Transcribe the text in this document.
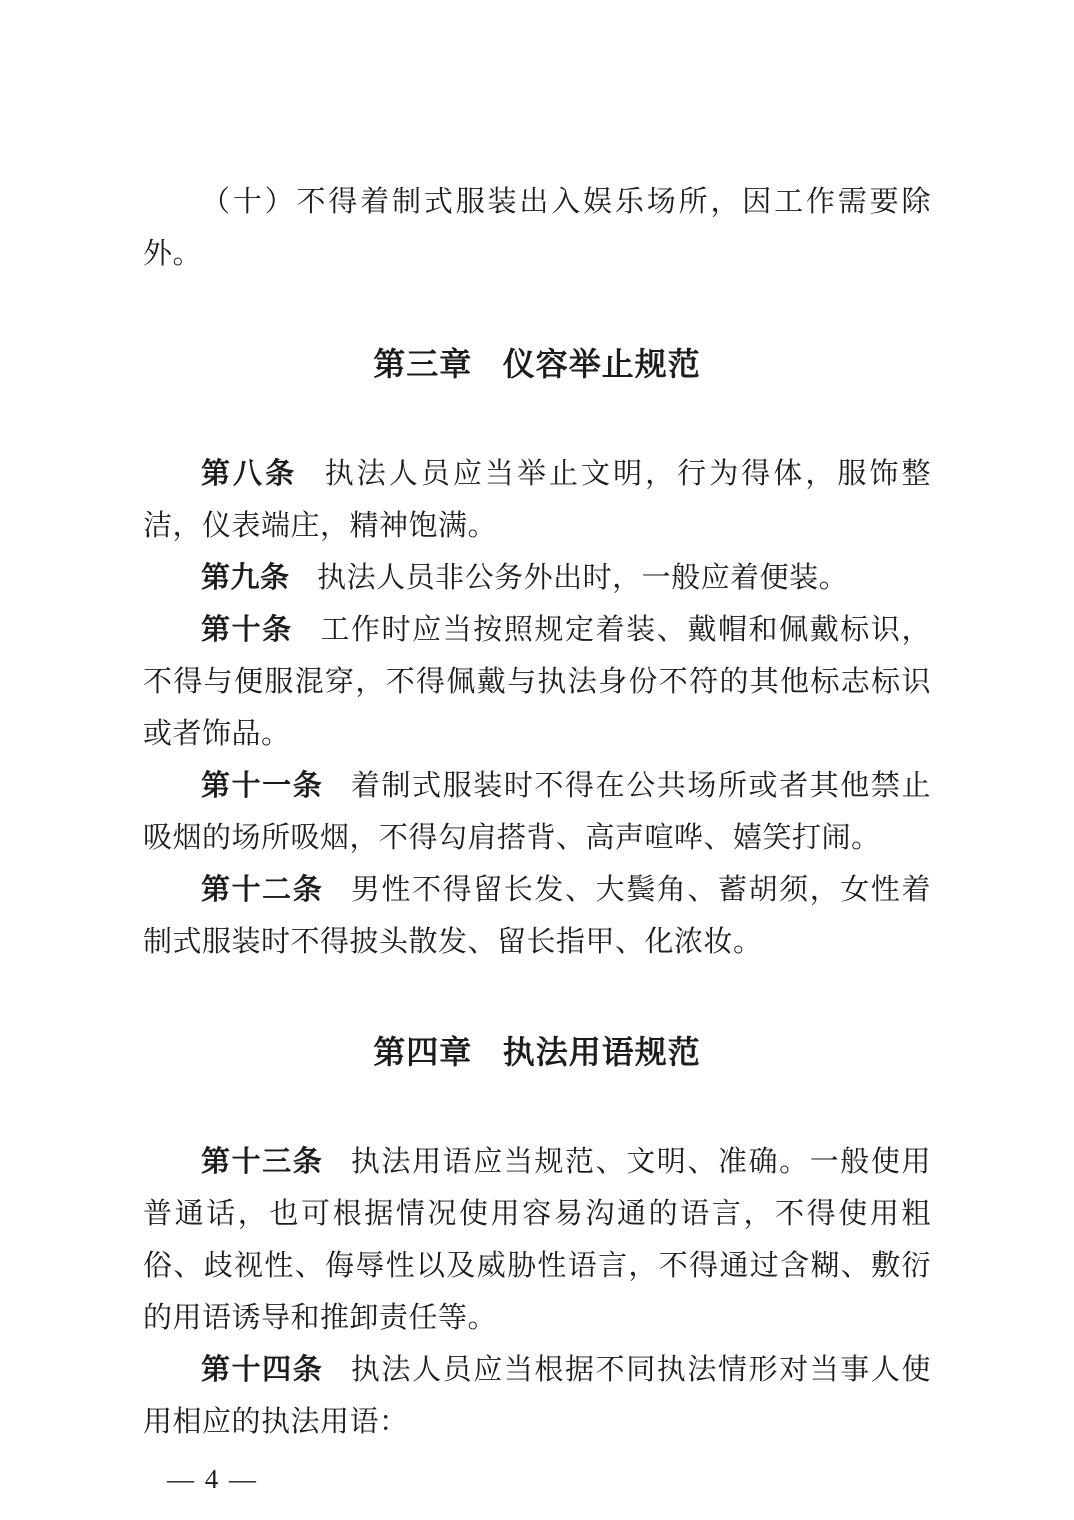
（十）不得着制式服装出入娱乐场所，因工作需要除外。

第三章 仪容举止规范

第八条 执法人员应当举止文明，行为得体，服饰整洁，仪表端庄，精神饱满。

第九条 执法人员非公务外出时，一般应着便装。

第十条 工作时应当按照规定着装、戴帽和佩戴标识，不得与便服混穿，不得佩戴与执法身份不符的其他标志标识或者饰品。

第十一条 着制式服装时不得在公共场所或者其他禁止吸烟的场所吸烟，不得勾肩搭背、高声喧哗、嬉笑打闹。

第十二条 男性不得留长发、大鬓角、蓄胡须，女性着制式服装时不得披头散发、留长指甲、化浓妆。

第四章 执法用语规范

第十三条 执法用语应当规范、文明、准确。一般使用普通话，也可根据情况使用容易沟通的语言，不得使用粗俗、歧视性、侮辱性以及威胁性语言，不得通过含糊、敷衍的用语诱导和推卸责任等。

第十四条 执法人员应当根据不同执法情形对当事人使用相应的执法用语：

— 4 —
